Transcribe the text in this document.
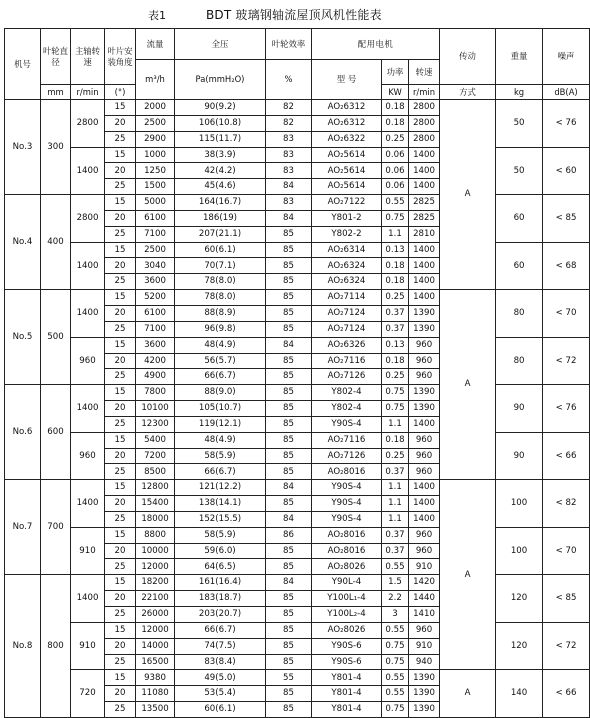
表1	BDT 玻璃钢轴流屋顶风机性能表
机号	叶轮直径	主轴转速	叶片安装角度	流量	全压	叶轮效率	配用电机			传动	重量	噪声
				m³/h	Pa(mmH₂O)	%	型 号	功率	转速			
	mm	r/min	(°)					KW	r/min	方式	kg	dB(A)
No.3	300	2800	15	2000	90(9.2)	82	AO₂6312	0.18	2800	A	50	< 76
			20	2500	106(10.8)	82	AO₂6312	0.18	2800			
			25	2900	115(11.7)	83	AO₂6322	0.25	2800			
		1400	15	1000	38(3.9)	83	AO₂5614	0.06	1400		50	< 60
			20	1250	42(4.2)	83	AO₂5614	0.06	1400			
			25	1500	45(4.6)	84	AO₂5614	0.06	1400			
No.4	400	2800	15	5000	164(16.7)	83	AO₂7122	0.55	2825		60	< 85
			20	6100	186(19)	84	Y801-2	0.75	2825			
			25	7100	207(21.1)	85	Y802-2	1.1	2810			
		1400	15	2500	60(6.1)	85	AO₂6314	0.13	1400		60	< 68
			20	3040	70(7.1)	85	AO₂6324	0.18	1400			
			25	3600	78(8.0)	85	AO₂6324	0.18	1400			
No.5	500	1400	15	5200	78(8.0)	85	AO₂7114	0.25	1400	A	80	< 70
			20	6100	88(8.9)	85	AO₂7124	0.37	1390			
			25	7100	96(9.8)	85	AO₂7124	0.37	1390			
		960	15	3600	48(4.9)	84	AO₂6326	0.13	960		80	< 72
			20	4200	56(5.7)	85	AO₂7116	0.18	960			
			25	4900	66(6.7)	85	AO₂7126	0.25	960			
No.6	600	1400	15	7800	88(9.0)	85	Y802-4	0.75	1390		90	< 76
			20	10100	105(10.7)	85	Y802-4	0.75	1390			
			25	12300	119(12.1)	85	Y90S-4	1.1	1400			
		960	15	5400	48(4.9)	85	AO₂7116	0.18	960		90	< 66
			20	7200	58(5.9)	85	AO₂7126	0.25	960			
			25	8500	66(6.7)	85	AO₂8016	0.37	960			
No.7	700	1400	15	12800	121(12.2)	84	Y90S-4	1.1	1400	A	100	< 82
			20	15400	138(14.1)	85	Y90S-4	1.1	1400			
			25	18000	152(15.5)	84	Y90S-4	1.1	1400			
		910	15	8800	58(5.9)	86	AO₂8016	0.37	960		100	< 70
			20	10000	59(6.0)	85	AO₂8016	0.37	960			
			25	12000	64(6.5)	85	AO₂8026	0.55	910			
No.8	800	1400	15	18200	161(16.4)	84	Y90L-4	1.5	1420		120	< 85
			20	22100	183(18.7)	85	Y100L₁-4	2.2	1440			
			25	26000	203(20.7)	85	Y100L₂-4	3	1410			
		910	15	12000	66(6.7)	85	AO₂8026	0.55	960		120	< 72
			20	14000	74(7.5)	85	Y90S-6	0.75	910			
			25	16500	83(8.4)	85	Y90S-6	0.75	940			
		720	15	9380	49(5.0)	55	Y801-4	0.55	1390	A	140	< 66
			20	11080	53(5.4)	85	Y801-4	0.55	1390			
			25	13500	60(6.1)	85	Y801-4	0.75	1390			
